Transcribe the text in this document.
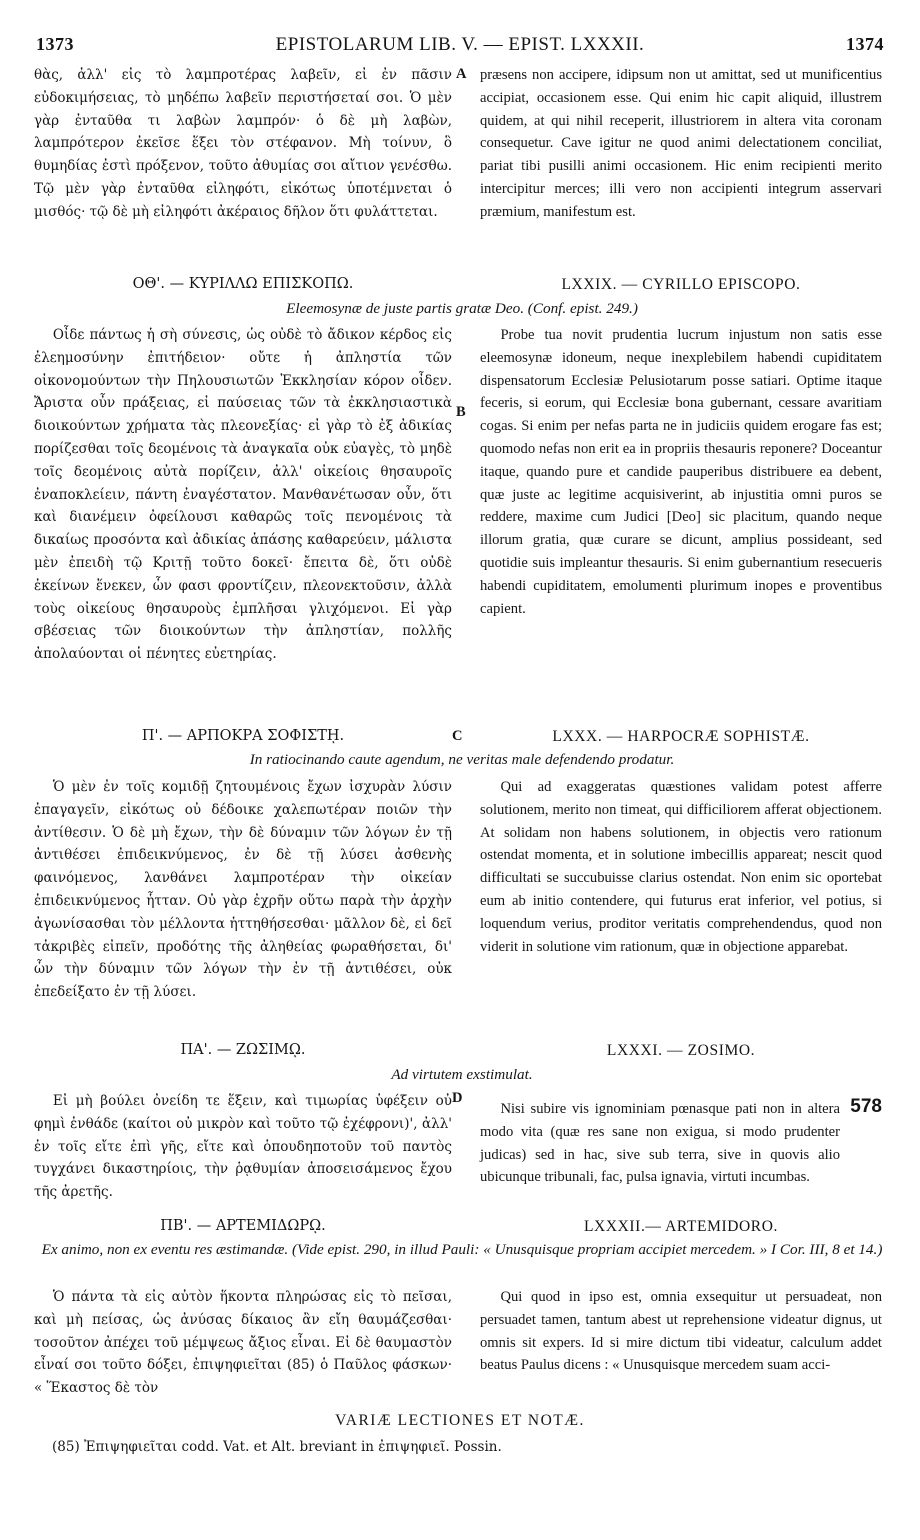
1373	EPISTOLARUM LIB. V. — EPIST. LXXXII.	1374

θὰς, ἀλλ' εἰς τὸ λαμπροτέρας λαβεῖν, εἰ ἐν πᾶσιν εὐδοκιμήσειας, τὸ μηδέπω λαβεῖν περιστήσεταί σοι. Ὁ μὲν γὰρ ἐνταῦθα τι λαβὼν λαμπρόν· ὁ δὲ μὴ λαβὼν, λαμπρότερον ἐκεῖσε ἕξει τὸν στέφανον. Μὴ τοίνυν, ὃ θυμηδίας ἐστὶ πρόξενον, τοῦτο ἀθυμίας σοι αἴτιον γενέσθω. Τῷ μὲν γὰρ ἐνταῦθα εἰληφότι, εἰκότως ὑποτέμνεται ὁ μισθός· τῷ δὲ μὴ εἰληφότι ἀκέραιος δῆλον ὅτι φυλάττεται.

præsens non accipere, idipsum non ut amittat, sed ut munificentius accipiat, occasionem esse. Qui enim hic capit aliquid, illustrem quidem, at qui nihil receperit, illustriorem in altera vita coronam consequetur. Cave igitur ne quod animi delectationem conciliat, pariat tibi pusilli animi occasionem. Hic enim recipienti merito intercipitur merces; illi vero non accipienti integrum asservari præmium, manifestum est.

A
ΟΘ'. — ΚΥΡΙΛΛΩ ΕΠΙΣΚΟΠΩ.	LXXIX. — CYRILLO EPISCOPO.
Eleemosynæ de juste partis gratæ Deo. (Conf. epist. 249.)

Οἶδε πάντως ἡ σὴ σύνεσις, ὡς οὐδὲ τὸ ἄδικον κέρδος εἰς ἐλεημοσύνην ἐπιτήδειον· οὔτε ἡ ἀπληστία τῶν οἰκονομούντων τὴν Πηλουσιωτῶν Ἐκκλησίαν κόρον οἶδεν. Ἄριστα οὖν πράξειας, εἰ παύσειας τῶν τὰ ἐκκλησιαστικὰ διοικούντων χρήματα τὰς πλεονεξίας· εἰ γὰρ τὸ ἐξ ἀδικίας πορίζεσθαι τοῖς δεομένοις τὰ ἀναγκαῖα οὐκ εὐαγὲς, τὸ μηδὲ τοῖς δεομένοις αὐτὰ πορίζειν, ἀλλ' οἰκείοις θησαυροῖς ἐναποκλείειν, πάντη ἐναγέστατον. Μανθανέτωσαν οὖν, ὅτι καὶ διανέμειν ὀφείλουσι καθαρῶς τοῖς πενομένοις τὰ δικαίως προσόντα καὶ ἀδικίας ἁπάσης καθαρεύειν, μάλιστα μὲν ἐπειδὴ τῷ Κριτῇ τοῦτο δοκεῖ· ἔπειτα δὲ, ὅτι οὐδὲ ἐκείνων ἕνεκεν, ὧν φασι φροντίζειν, πλεονεκτοῦσιν, ἀλλὰ τοὺς οἰκείους θησαυροὺς ἐμπλῆσαι γλιχόμενοι. Εἰ γὰρ σβέσειας τῶν διοικούντων τὴν ἀπληστίαν, πολλῆς ἀπολαύονται οἱ πένητες εὐετηρίας.

Probe tua novit prudentia lucrum injustum non satis esse eleemosynæ idoneum, neque inexplebilem habendi cupiditatem dispensatorum Ecclesiæ Pelusiotarum posse satiari. Optime itaque feceris, si eorum, qui Ecclesiæ bona gubernant, cessare avaritiam cogas. Si enim per nefas parta ne in judiciis quidem erogare fas est; quomodo nefas non erit ea in propriis thesauris reponere? Doceantur itaque, quando pure et candide pauperibus distribuere ea debent, quæ juste ac legitime acquisiverint, ab injustitia omni puros se reddere, maxime cum Judici [Deo] sic placitum, quando neque illorum gratia, quæ curare se dicunt, amplius possideant, sed quotidie suis impleantur thesauris. Si enim gubernantium resecueris habendi cupiditatem, emolumenti plurimum inopes e proventibus capient.

B
Π'. — ΑΡΠΟΚΡΑ ΣΟΦΙΣΤῌ.	LXXX. — HARPOCRÆ SOPHISTÆ.
C
In ratiocinando caute agendum, ne veritas male defendendo prodatur.

Ὁ μὲν ἐν τοῖς κομιδῇ ζητουμένοις ἔχων ἰσχυρὰν λύσιν ἐπαγαγεῖν, εἰκότως οὐ δέδοικε χαλεπωτέραν ποιῶν τὴν ἀντίθεσιν. Ὁ δὲ μὴ ἔχων, τὴν δὲ δύναμιν τῶν λόγων ἐν τῇ ἀντιθέσει ἐπιδεικνύμενος, ἐν δὲ τῇ λύσει ἀσθενὴς φαινόμενος, λανθάνει λαμπροτέραν τὴν οἰκείαν ἐπιδεικνύμενος ἧτταν. Οὐ γὰρ ἐχρῆν οὕτω παρὰ τὴν ἀρχὴν ἀγωνίσασθαι τὸν μέλλοντα ἡττηθήσεσθαι· μᾶλλον δὲ, εἰ δεῖ τἀκριβὲς εἰπεῖν, προδότης τῆς ἀληθείας φωραθήσεται, δι' ὧν τὴν δύναμιν τῶν λόγων τὴν ἐν τῇ ἀντιθέσει, οὐκ ἐπεδείξατο ἐν τῇ λύσει.

Qui ad exaggeratas quæstiones validam potest afferre solutionem, merito non timeat, qui difficiliorem afferat objectionem. At solidam non habens solutionem, in objectis vero rationum ostendat momenta, et in solutione imbecillis appareat; nescit quod difficultati se succubuisse clarius ostendat. Non enim sic oportebat eum ab initio contendere, qui futurus erat inferior, vel potius, si loquendum verius, proditor veritatis comprehendendus, quod non viderit in solutione vim rationum, quæ in objectione apparebat.

ΠΑ'. — ΖΩΣΙΜῼ.	LXXXI. — ZOSIMO.
Ad virtutem exstimulat.

Εἰ μὴ βούλει ὀνείδη τε ἕξειν, καὶ τιμωρίας ὑφέξειν οὐ φημὶ ἐνθάδε (καίτοι οὐ μικρὸν καὶ τοῦτο τῷ ἐχέφρονι)', ἀλλ' ἐν τοῖς εἴτε ἐπὶ γῆς, εἴτε καὶ ὁπουδηποτοῦν τοῦ παντὸς τυγχάνει δικαστηρίοις, τὴν ῥᾳθυμίαν ἀποσεισάμενος ἔχου τῆς ἀρετῆς.

Nisi subire vis ignominiam pœnasque pati non in altera modo vita (quæ res sane non exigua, si modo prudenter judicas) sed in hac, sive sub terra, sive in quovis alio ubicunque tribunali, fac, pulsa ignavia, virtuti incumbas.

D	578
ΠΒ'. — ΑΡΤΕΜΙΔΩΡῼ.	LXXXII.— ARTEMIDORO.
Ex animo, non ex eventu res æstimandæ. (Vide epist. 290, in illud Pauli: « Unusquisque propriam accipiet mercedem. » I Cor. III, 8 et 14.)

Ὁ πάντα τὰ εἰς αὐτὸν ἥκοντα πληρώσας εἰς τὸ πεῖσαι, καὶ μὴ πείσας, ὡς ἀνύσας δίκαιος ἂν εἴη θαυμάζεσθαι· τοσοῦτον ἀπέχει τοῦ μέμψεως ἄξιος εἶναι. Εἰ δὲ θαυμαστὸν εἶναί σοι τοῦτο δόξει, ἐπιψηφιεῖται (85) ὁ Παῦλος φάσκων· « Ἕκαστος δὲ τὸν

Qui quod in ipso est, omnia exsequitur ut persuadeat, non persuadet tamen, tantum abest ut reprehensione videatur dignus, ut omnis sit expers. Id si mire dictum tibi videatur, calculum addet beatus Paulus dicens : « Unusquisque mercedem suam acci-

VARIÆ LECTIONES ET NOTÆ.
(85) Ἐπιψηφιεῖται codd. Vat. et Alt. breviant in ἐπιψηφιεῖ. Possin.
